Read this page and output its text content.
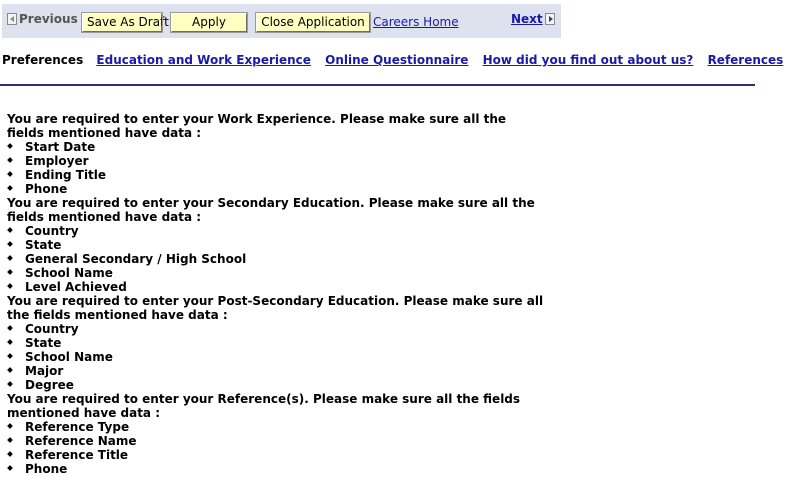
Previous Save As Draft	Apply	Close Application Careers Home	Next
Preferences Education and Work Experience Online Questionnaire How did you find out about us? References

You are required to enter your Work Experience. Please make sure all the fields mentioned have data :

Start Date
Employer
Ending Title
Phone

You are required to enter your Secondary Education. Please make sure all the fields mentioned have data :

Country
State
General Secondary / High School
School Name
Level Achieved

You are required to enter your Post-Secondary Education. Please make sure all the fields mentioned have data :

Country
State
School Name
Major
Degree

You are required to enter your Reference(s). Please make sure all the fields mentioned have data :

Reference Type
Reference Name
Reference Title
Phone
